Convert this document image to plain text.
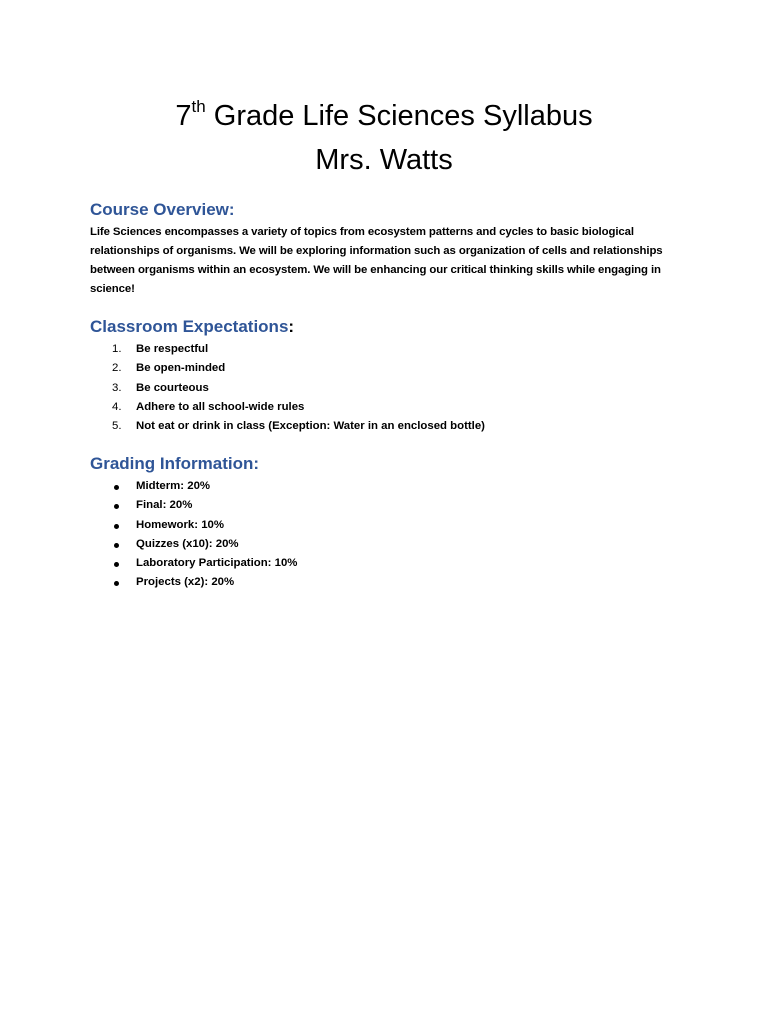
7th Grade Life Sciences Syllabus
Mrs. Watts
Course Overview:

Life Sciences encompasses a variety of topics from ecosystem patterns and cycles to basic biological relationships of organisms. We will be exploring information such as organization of cells and relationships between organisms within an ecosystem. We will be enhancing our critical thinking skills while engaging in science!

Classroom Expectations:
1. Be respectful
2. Be open-minded
3. Be courteous
4. Adhere to all school-wide rules
5. Not eat or drink in class (Exception: Water in an enclosed bottle)
Grading Information:
Midterm: 20%
Final: 20%
Homework: 10%
Quizzes (x10): 20%
Laboratory Participation: 10%
Projects (x2): 20%
